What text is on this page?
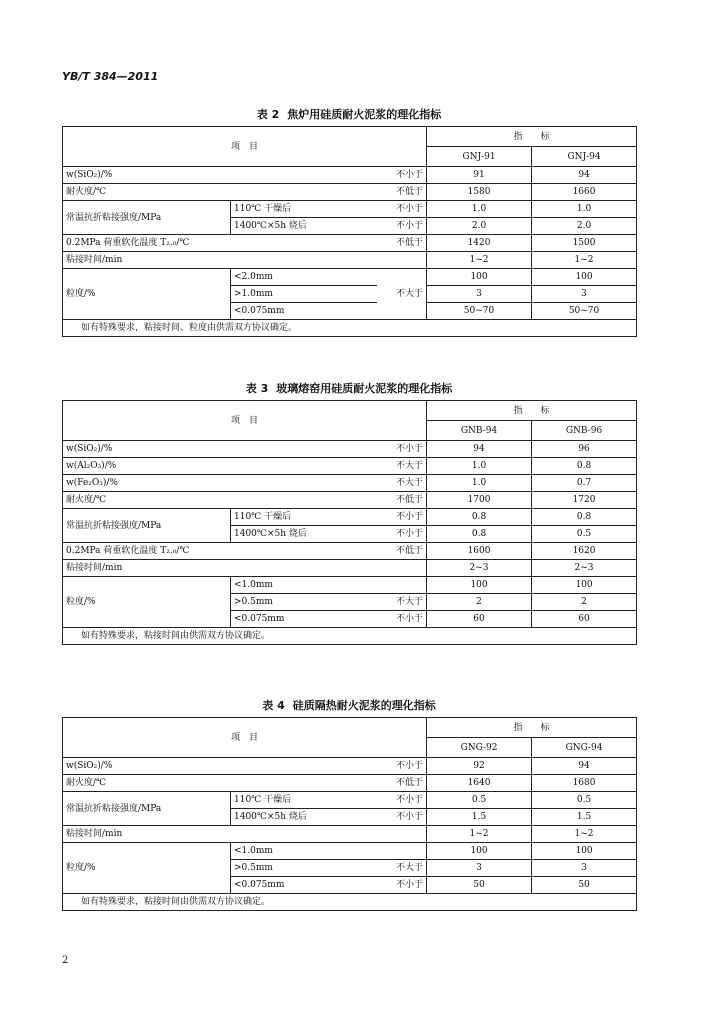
YB/T 384—2011
表 2 焦炉用硅质耐火泥浆的理化指标
项　目			指　　标	
			GNJ-91	GNJ-94
w(SiO₂)/%		不小于	91	94
耐火度/℃		不低于	1580	1660
常温抗折粘接强度/MPa	110℃ 干燥后	不小于	1.0	1.0
	1400℃×5h 烧后	不小于	2.0	2.0
0.2MPa 荷重软化温度 T₂.₀/℃		不低于	1420	1500
粘接时间/min			1~2	1~2
粒度/%	<2.0mm	不大于	100	100
	>1.0mm		3	3
	<0.075mm		50~70	50~70
如有特殊要求，粘接时间、粒度由供需双方协议确定。				
表 3 玻璃熔窑用硅质耐火泥浆的理化指标
项　目			指　　标	
			GNB-94	GNB-96
w(SiO₂)/%		不小于	94	96
w(Al₂O₃)/%		不大于	1.0	0.8
w(Fe₂O₃)/%		不大于	1.0	0.7
耐火度/℃		不低于	1700	1720
常温抗折粘接强度/MPa	110℃ 干燥后	不小于	0.8	0.8
	1400℃×5h 烧后	不小于	0.8	0.5
0.2MPa 荷重软化温度 T₂.₀/℃		不低于	1600	1620
粘接时间/min			2~3	2~3
粒度/%	<1.0mm		100	100
	>0.5mm	不大于	2	2
	<0.075mm	不小于	60	60
如有特殊要求，粘接时间由供需双方协议确定。				
表 4 硅质隔热耐火泥浆的理化指标
项　目			指　　标	
			GNG-92	GNG-94
w(SiO₂)/%		不小于	92	94
耐火度/℃		不低于	1640	1680
常温抗折粘接强度/MPa	110℃ 干燥后	不小于	0.5	0.5
	1400℃×5h 烧后	不小于	1.5	1.5
粘接时间/min			1~2	1~2
粒度/%	<1.0mm		100	100
	>0.5mm	不大于	3	3
	<0.075mm	不小于	50	50
如有特殊要求，粘接时间由供需双方协议确定。				
2
